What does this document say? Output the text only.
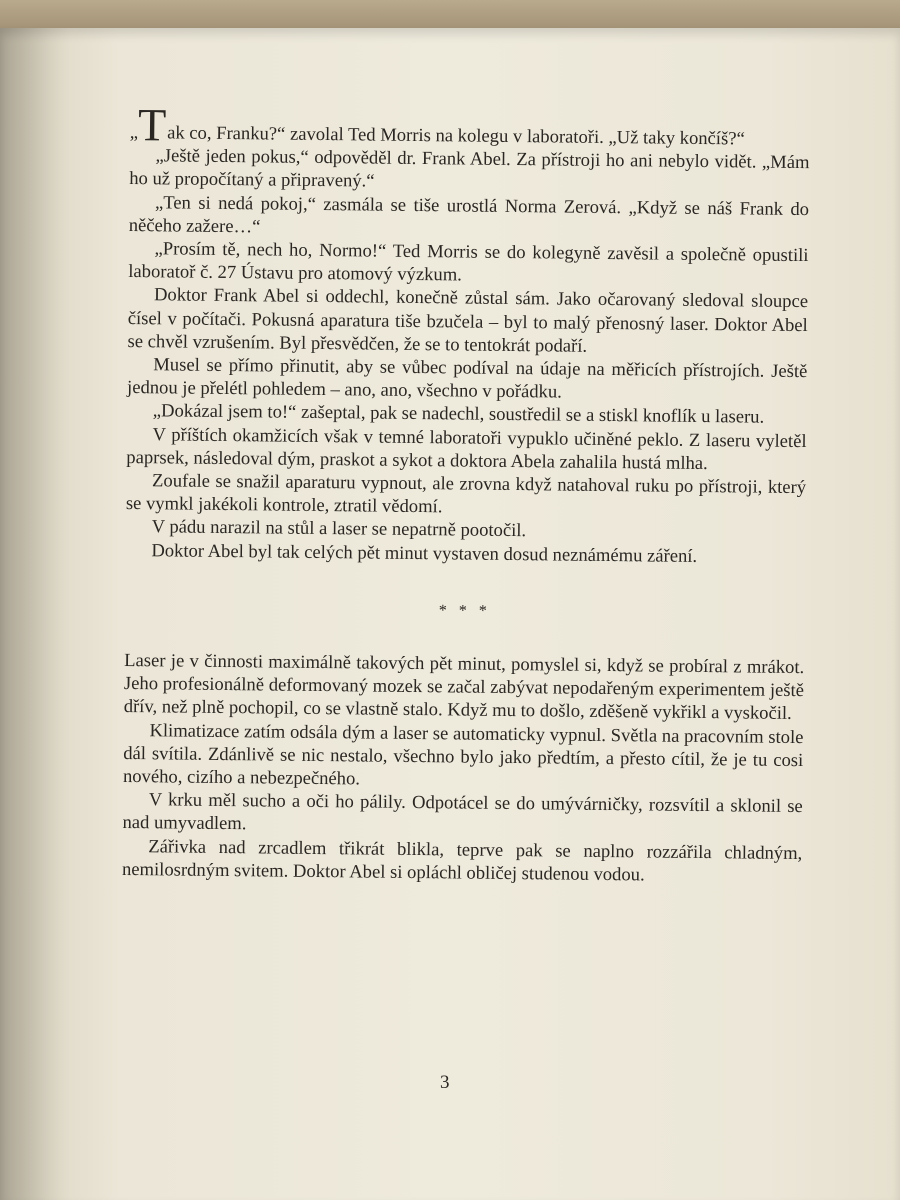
„Tak co, Franku?“ zavolal Ted Morris na kolegu v laboratoři. „Už taky končíš?“

„Ještě jeden pokus,“ odpověděl dr. Frank Abel. Za přístroji ho ani nebylo vidět. „Mám ho už propočítaný a připravený.“

„Ten si nedá pokoj,“ zasmála se tiše urostlá Norma Zerová. „Když se náš Frank do něčeho zažere…“

„Prosím tě, nech ho, Normo!“ Ted Morris se do kolegyně zavěsil a společně opustili laboratoř č. 27 Ústavu pro atomový výzkum.

Doktor Frank Abel si oddechl, konečně zůstal sám. Jako očarovaný sledoval sloupce čísel v počítači. Pokusná aparatura tiše bzučela – byl to malý přenosný laser. Doktor Abel se chvěl vzrušením. Byl přesvědčen, že se to tentokrát podaří.

Musel se přímo přinutit, aby se vůbec podíval na údaje na měřicích přístrojích. Ještě jednou je přelétl pohledem – ano, ano, všechno v pořádku.

„Dokázal jsem to!“ zašeptal, pak se nadechl, soustředil se a stiskl knoflík u laseru.

V příštích okamžicích však v temné laboratoři vypuklo učiněné peklo. Z laseru vyletěl paprsek, následoval dým, praskot a sykot a doktora Abela zahalila hustá mlha.

Zoufale se snažil aparaturu vypnout, ale zrovna když natahoval ruku po přístroji, který se vymkl jakékoli kontrole, ztratil vědomí.

V pádu narazil na stůl a laser se nepatrně pootočil.

Doktor Abel byl tak celých pět minut vystaven dosud neznámému záření.

* * *

Laser je v činnosti maximálně takových pět minut, pomyslel si, když se probíral z mrákot. Jeho profesionálně deformovaný mozek se začal zabývat nepodařeným experimentem ještě dřív, než plně pochopil, co se vlastně stalo. Když mu to došlo, zděšeně vykřikl a vyskočil.

Klimatizace zatím odsála dým a laser se automaticky vypnul. Světla na pracovním stole dál svítila. Zdánlivě se nic nestalo, všechno bylo jako předtím, a přesto cítil, že je tu cosi nového, cizího a nebezpečného.

V krku měl sucho a oči ho pálily. Odpotácel se do umývárničky, rozsvítil a sklonil se nad umyvadlem.

Zářivka nad zrcadlem třikrát blikla, teprve pak se naplno rozzářila chladným, nemilosrdným svitem. Doktor Abel si opláchl obličej studenou vodou.

3
